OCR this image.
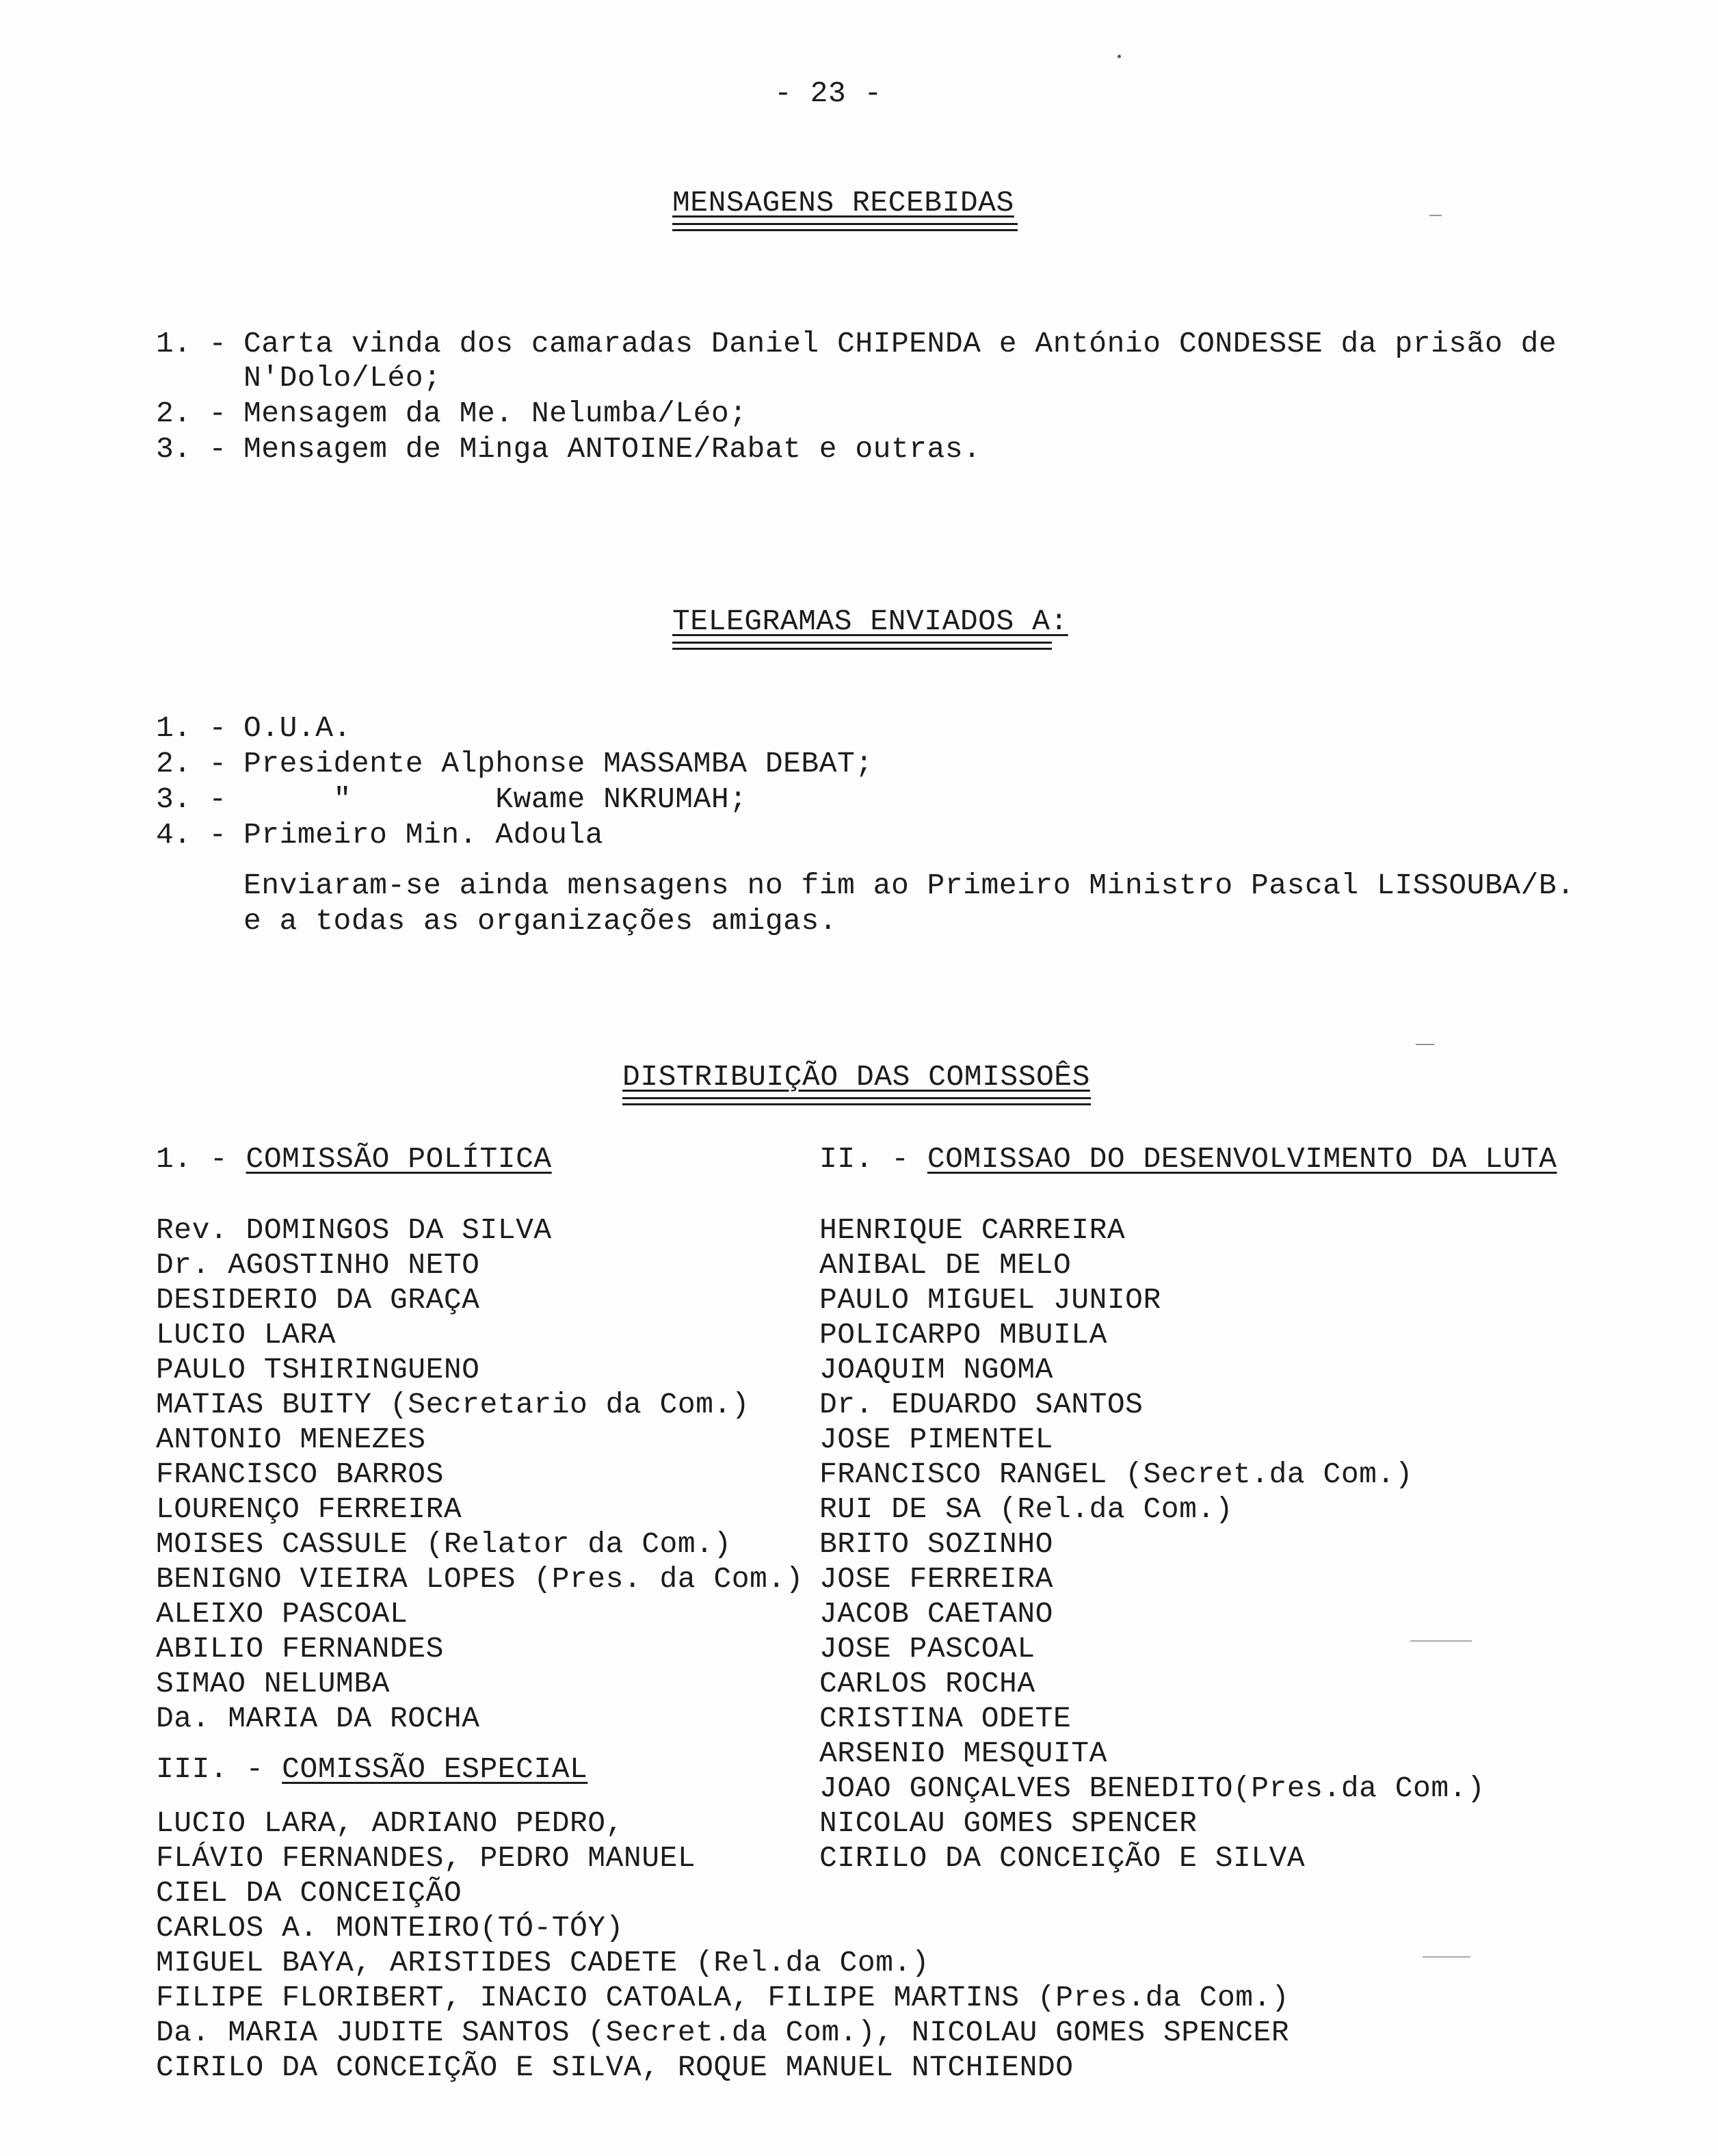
- 23 -
MENSAGENS RECEBIDAS
1. - Carta vinda dos camaradas Daniel CHIPENDA e António CONDESSE da prisão de
N'Dolo/Léo;
2. - Mensagem da Me. Nelumba/Léo;
3. - Mensagem de Minga ANTOINE/Rabat e outras.
TELEGRAMAS ENVIADOS A:
1. - O.U.A.
2. - Presidente Alphonse MASSAMBA DEBAT;
3. - "        Kwame NKRUMAH;
4. - Primeiro Min. Adoula
Enviaram-se ainda mensagens no fim ao Primeiro Ministro Pascal LISSOUBA/B.
e a todas as organizações amigas.
DISTRIBUIÇÃO DAS COMISSOÊS
1. - COMISSÃO POLÍTICA	II. - COMISSAO DO DESENVOLVIMENTO DA LUTA
Rev. DOMINGOS DA SILVA
Dr. AGOSTINHO NETO
DESIDERIO DA GRAÇA
LUCIO LARA
PAULO TSHIRINGUENO
MATIAS BUITY (Secretario da Com.)
ANTONIO MENEZES
FRANCISCO BARROS
LOURENÇO FERREIRA
MOISES CASSULE (Relator da Com.)
BENIGNO VIEIRA LOPES (Pres. da Com.)
ALEIXO PASCOAL
ABILIO FERNANDES
SIMAO NELUMBA
Da. MARIA DA ROCHA
HENRIQUE CARREIRA
ANIBAL DE MELO
PAULO MIGUEL JUNIOR
POLICARPO MBUILA
JOAQUIM NGOMA
Dr. EDUARDO SANTOS
JOSE PIMENTEL
FRANCISCO RANGEL (Secret.da Com.)
RUI DE SA (Rel.da Com.)
BRITO SOZINHO
JOSE FERREIRA
JACOB CAETANO
JOSE PASCOAL
CARLOS ROCHA
CRISTINA ODETE
ARSENIO MESQUITA
JOAO GONÇALVES BENEDITO(Pres.da Com.)
NICOLAU GOMES SPENCER
CIRILO DA CONCEIÇÃO E SILVA
III. - COMISSÃO ESPECIAL
LUCIO LARA, ADRIANO PEDRO,
FLÁVIO FERNANDES, PEDRO MANUEL
CIEL DA CONCEIÇÃO
CARLOS A. MONTEIRO(TÓ-TÓY)
MIGUEL BAYA, ARISTIDES CADETE (Rel.da Com.)
FILIPE FLORIBERT, INACIO CATOALA, FILIPE MARTINS (Pres.da Com.)
Da. MARIA JUDITE SANTOS (Secret.da Com.), NICOLAU GOMES SPENCER
CIRILO DA CONCEIÇÃO E SILVA, ROQUE MANUEL NTCHIENDO
